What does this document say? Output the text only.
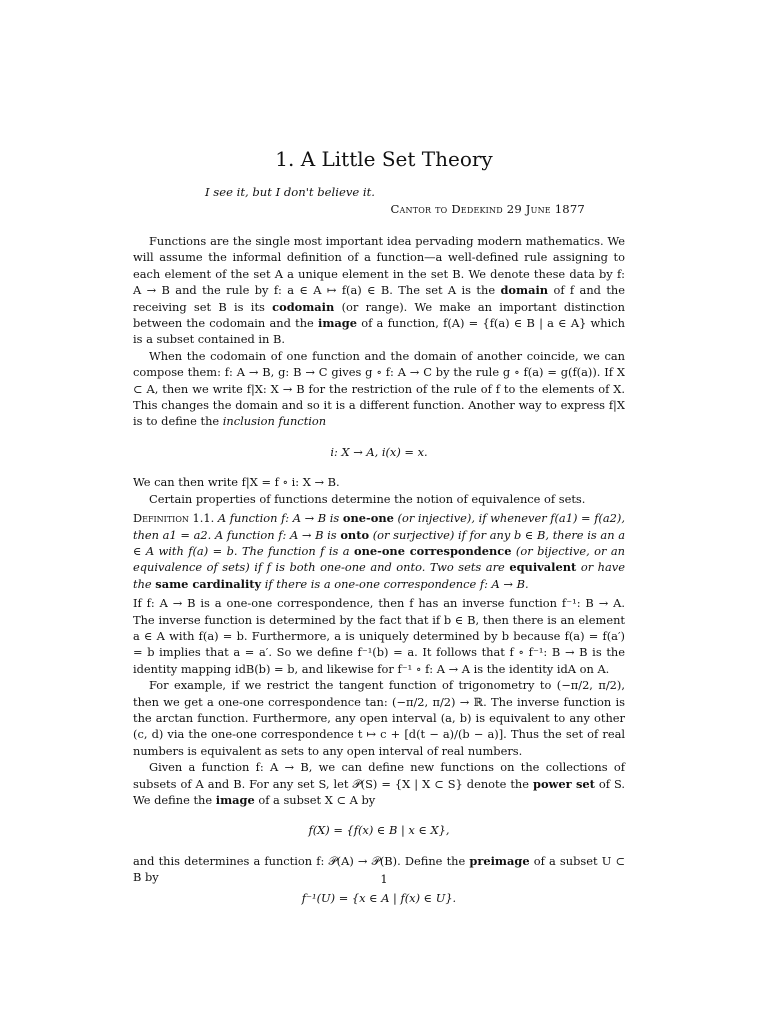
1. A Little Set Theory
I see it, but I don't believe it.
Cantor to Dedekind 29 June 1877

Functions are the single most important idea pervading modern mathematics. We will assume the informal definition of a function—a well-defined rule assigning to each element of the set A a unique element in the set B. We denote these data by f: A → B and the rule by f: a ∈ A ↦ f(a) ∈ B. The set A is the domain of f and the receiving set B is its codomain (or range). We make an important distinction between the codomain and the image of a function, f(A) = {f(a) ∈ B | a ∈ A} which is a subset contained in B.

When the codomain of one function and the domain of another coincide, we can compose them: f: A → B, g: B → C gives g ∘ f: A → C by the rule g ∘ f(a) = g(f(a)). If X ⊂ A, then we write f|X: X → B for the restriction of the rule of f to the elements of X. This changes the domain and so it is a different function. Another way to express f|X is to define the inclusion function

i: X → A, i(x) = x.

We can then write f|X = f ∘ i: X → B.

Certain properties of functions determine the notion of equivalence of sets.

Definition 1.1. A function f: A → B is one-one (or injective), if whenever f(a1) = f(a2), then a1 = a2. A function f: A → B is onto (or surjective) if for any b ∈ B, there is an a ∈ A with f(a) = b. The function f is a one-one correspondence (or bijective, or an equivalence of sets) if f is both one-one and onto. Two sets are equivalent or have the same cardinality if there is a one-one correspondence f: A → B.

If f: A → B is a one-one correspondence, then f has an inverse function f⁻¹: B → A. The inverse function is determined by the fact that if b ∈ B, then there is an element a ∈ A with f(a) = b. Furthermore, a is uniquely determined by b because f(a) = f(a′) = b implies that a = a′. So we define f⁻¹(b) = a. It follows that f ∘ f⁻¹: B → B is the identity mapping idB(b) = b, and likewise for f⁻¹ ∘ f: A → A is the identity idA on A.

For example, if we restrict the tangent function of trigonometry to (−π/2, π/2), then we get a one-one correspondence tan: (−π/2, π/2) → ℝ. The inverse function is the arctan function. Furthermore, any open interval (a, b) is equivalent to any other (c, d) via the one-one correspondence t ↦ c + [d(t − a)/(b − a)]. Thus the set of real numbers is equivalent as sets to any open interval of real numbers.

Given a function f: A → B, we can define new functions on the collections of subsets of A and B. For any set S, let 𝒫(S) = {X | X ⊂ S} denote the power set of S. We define the image of a subset X ⊂ A by

f(X) = {f(x) ∈ B | x ∈ X},

and this determines a function f: 𝒫(A) → 𝒫(B). Define the preimage of a subset U ⊂ B by

f⁻¹(U) = {x ∈ A | f(x) ∈ U}.

1
